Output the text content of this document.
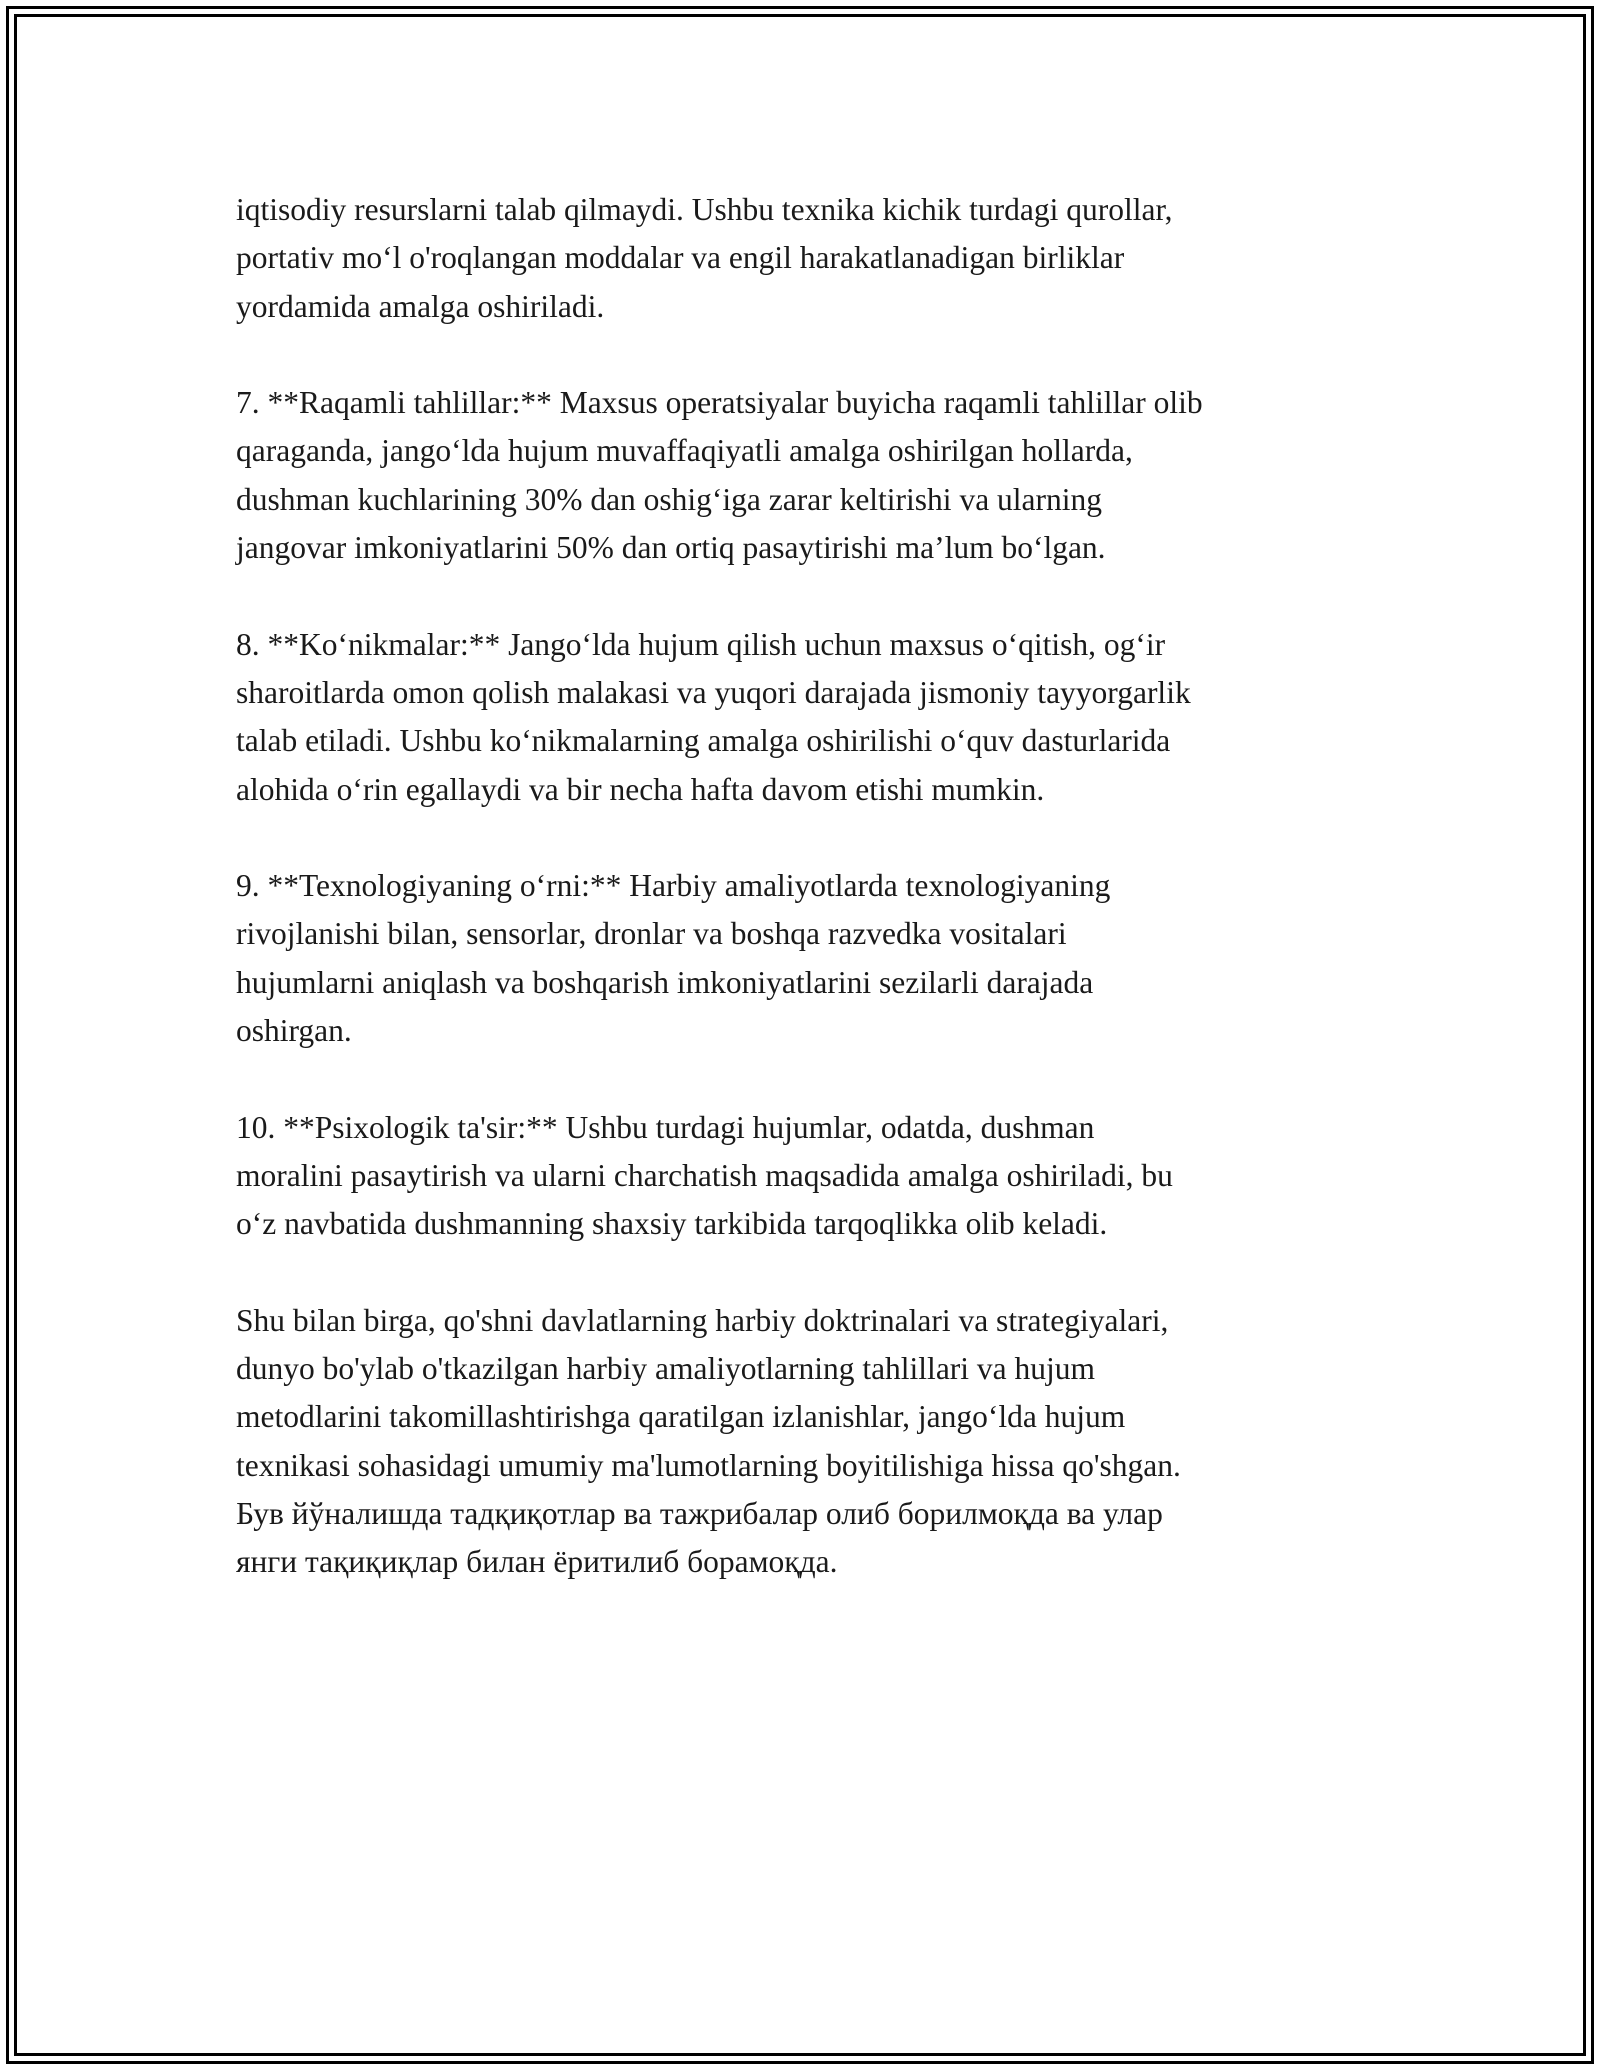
iqtisodiy resurslarni talab qilmaydi. Ushbu texnika kichik turdagi qurollar,
portativ mo‘l o'roqlangan moddalar va engil harakatlanadigan birliklar
yordamida amalga oshiriladi.

7. **Raqamli tahlillar:** Maxsus operatsiyalar buyicha raqamli tahlillar olib
qaraganda, jango‘lda hujum muvaffaqiyatli amalga oshirilgan hollarda,
dushman kuchlarining 30% dan oshig‘iga zarar keltirishi va ularning
jangovar imkoniyatlarini 50% dan ortiq pasaytirishi ma’lum bo‘lgan.

8. **Ko‘nikmalar:** Jango‘lda hujum qilish uchun maxsus o‘qitish, og‘ir
sharoitlarda omon qolish malakasi va yuqori darajada jismoniy tayyorgarlik
talab etiladi. Ushbu ko‘nikmalarning amalga oshirilishi o‘quv dasturlarida
alohida o‘rin egallaydi va bir necha hafta davom etishi mumkin.

9. **Texnologiyaning o‘rni:** Harbiy amaliyotlarda texnologiyaning
rivojlanishi bilan, sensorlar, dronlar va boshqa razvedka vositalari
hujumlarni aniqlash va boshqarish imkoniyatlarini sezilarli darajada
oshirgan.

10. **Psixologik ta'sir:** Ushbu turdagi hujumlar, odatda, dushman
moralini pasaytirish va ularni charchatish maqsadida amalga oshiriladi, bu
o‘z navbatida dushmanning shaxsiy tarkibida tarqoqlikka olib keladi.

Shu bilan birga, qo'shni davlatlarning harbiy doktrinalari va strategiyalari,
dunyo bo'ylab o'tkazilgan harbiy amaliyotlarning tahlillari va hujum
metodlarini takomillashtirishga qaratilgan izlanishlar, jango‘lda hujum
texnikasi sohasidagi umumiy ma'lumotlarning boyitilishiga hissa qo'shgan.
Був йўналишда тадқиқотлар ва тажрибалар олиб борилмоқда ва улар
янги тақиқиқлар билан ёритилиб борамоқда.
